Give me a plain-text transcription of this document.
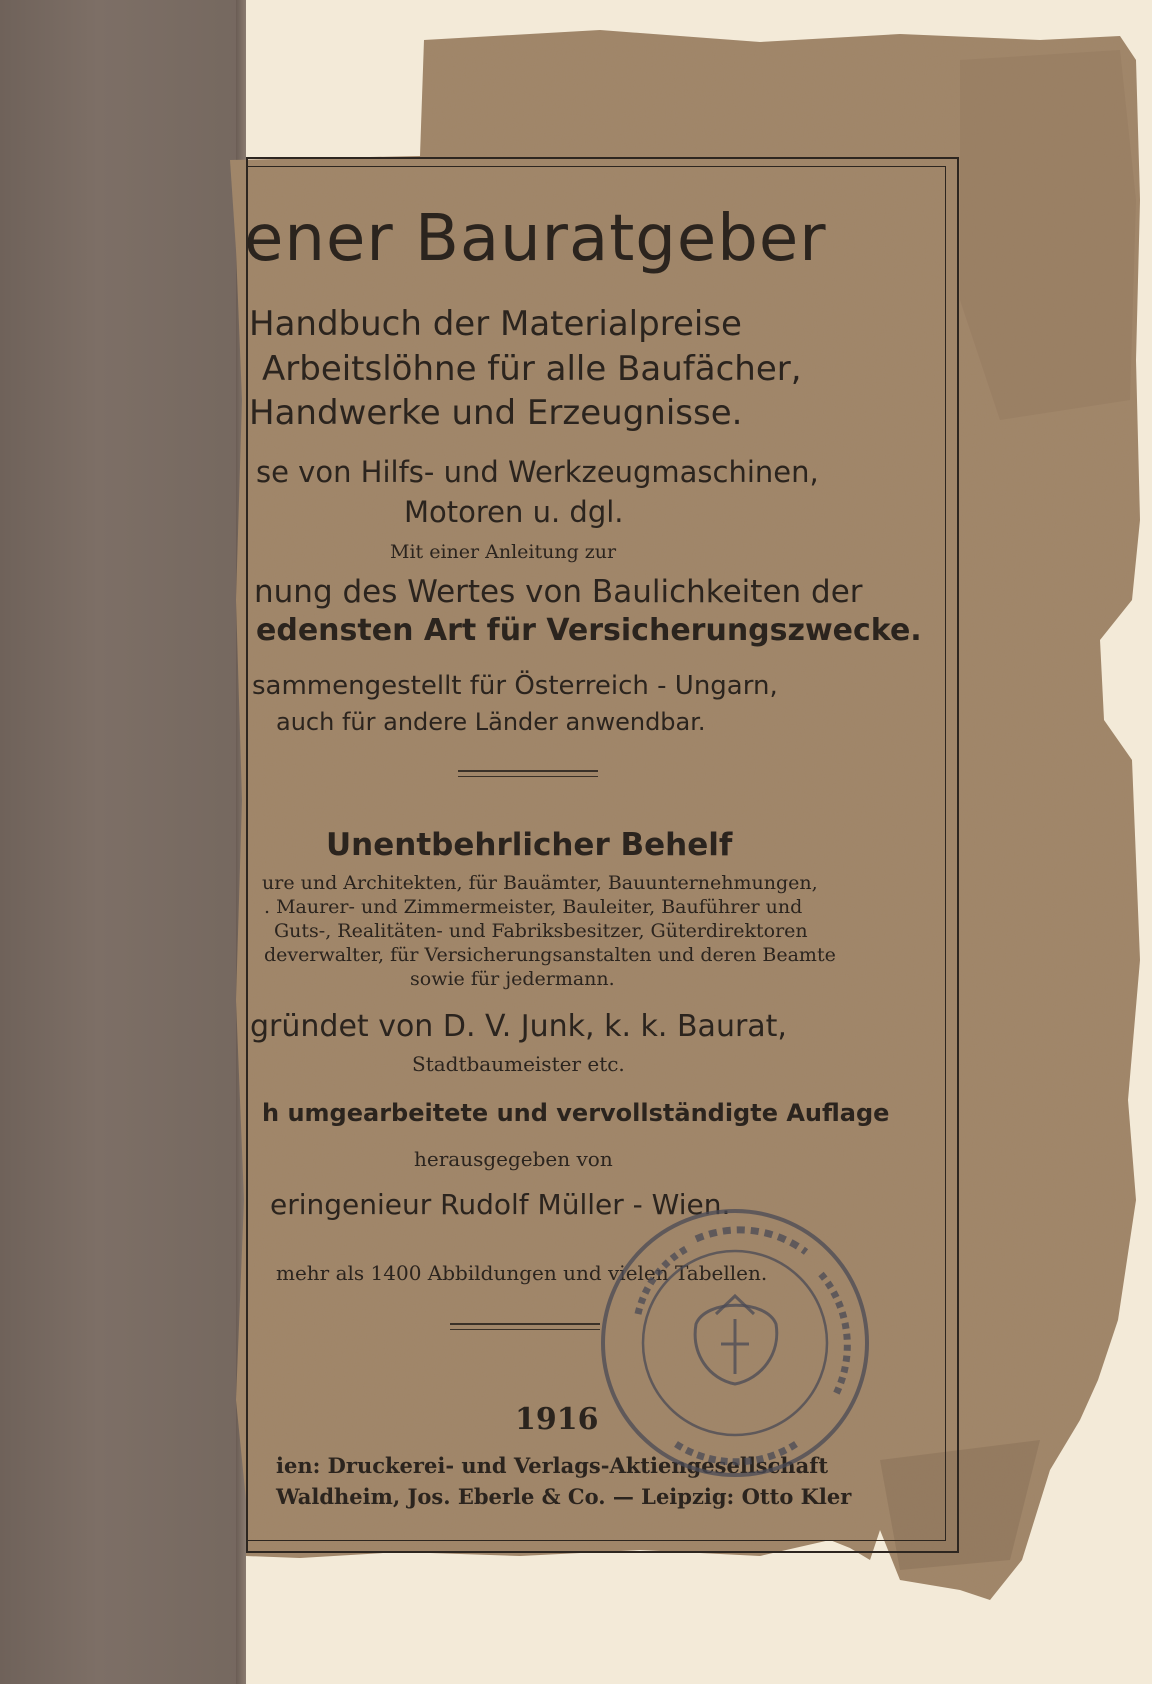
ener Bauratgeber
Handbuch der Materialpreise
Arbeitslöhne für alle Baufächer,
Handwerke und Erzeugnisse.
se von Hilfs- und Werkzeugmaschinen,
Motoren u. dgl.
Mit einer Anleitung zur
nung des Wertes von Baulichkeiten der
edensten Art für Versicherungszwecke.
sammengestellt für Österreich - Ungarn,
auch für andere Länder anwendbar.
Unentbehrlicher Behelf
ure und Architekten, für Bauämter, Bauunternehmungen,
. Maurer- und Zimmermeister, Bauleiter, Bauführer und
Guts-, Realitäten- und Fabriksbesitzer, Güterdirektoren
deverwalter, für Versicherungsanstalten und deren Beamte
sowie für jedermann.
gründet von D. V. Junk, k. k. Baurat,
Stadtbaumeister etc.
h umgearbeitete und vervollständigte Auflage
herausgegeben von
eringenieur Rudolf Müller - Wien.
mehr als 1400 Abbildungen und vielen Tabellen.
1916
ien: Druckerei- und Verlags-Aktiengesellschaft
Waldheim, Jos. Eberle & Co. — Leipzig: Otto Kler
